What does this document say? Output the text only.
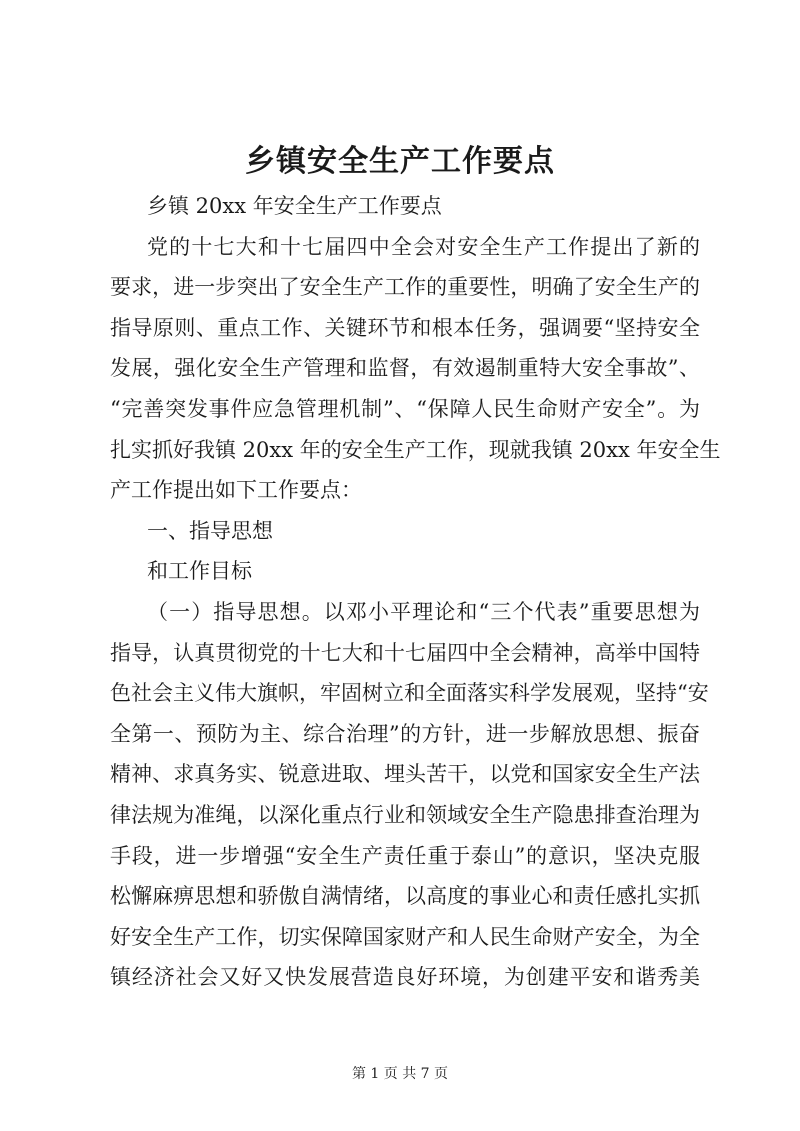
乡镇安全生产工作要点
乡镇 20xx 年安全生产工作要点
党的十七大和十七届四中全会对安全生产工作提出了新的
要求，进一步突出了安全生产工作的重要性，明确了安全生产的
指导原则、重点工作、关键环节和根本任务，强调要“坚持安全
发展，强化安全生产管理和监督，有效遏制重特大安全事故”、
“完善突发事件应急管理机制”、“保障人民生命财产安全”。为
扎实抓好我镇 20xx 年的安全生产工作，现就我镇 20xx 年安全生
产工作提出如下工作要点：
一、指导思想
和工作目标
（一）指导思想。以邓小平理论和“三个代表”重要思想为
指导，认真贯彻党的十七大和十七届四中全会精神，高举中国特
色社会主义伟大旗帜，牢固树立和全面落实科学发展观，坚持“安
全第一、预防为主、综合治理”的方针，进一步解放思想、振奋
精神、求真务实、锐意进取、埋头苦干，以党和国家安全生产法
律法规为准绳，以深化重点行业和领域安全生产隐患排查治理为
手段，进一步增强“安全生产责任重于泰山”的意识，坚决克服
松懈麻痹思想和骄傲自满情绪，以高度的事业心和责任感扎实抓
好安全生产工作，切实保障国家财产和人民生命财产安全，为全
镇经济社会又好又快发展营造良好环境，为创建平安和谐秀美
第 1 页 共 7 页
